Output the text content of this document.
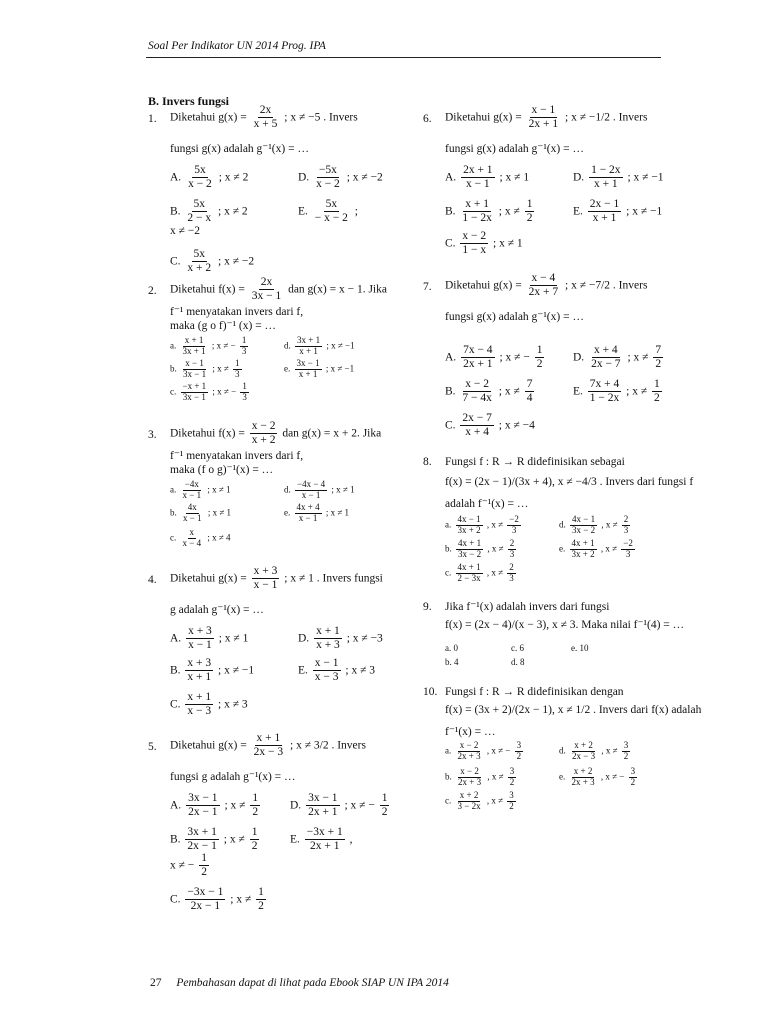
Soal Per Indikator UN 2014 Prog. IPA
B. Invers fungsi
1. Diketahui $g(x) = \frac{2x}{x + 5}$ ; x ≠ −5 . Invers
fungsi g(x) adalah g⁻¹(x) = …
A. $\frac{5x}{x - 2}$ ; x ≠ 2	D. $\frac{-5x}{x - 2}$ ; x ≠ −2
B. $\frac{5x}{2 - x}$ ; x ≠ 2	E. $\frac{5x}{- x - 2}$ ;
x ≠ −2
C. $\frac{5x}{x + 2}$ ; x ≠ −2
2. Diketahui $f(x) = \frac{2x}{3x - 1}$ dan g(x) = x − 1. Jika
f⁻¹ menyatakan invers dari f,
maka (g o f)⁻¹ (x) = …
a. $\frac{x + 1}{3x + 1}$ ; x ≠ − $\frac{1}{3}$	d. $\frac{3x + 1}{x + 1}$ ; x ≠ −1
b. $\frac{x - 1}{3x - 1}$ ; $x \ne \frac{1}{3}$	e. $\frac{3x - 1}{x + 1}$ ; x ≠ −1
c. $\frac{-x + 1}{3x - 1}$ ; x ≠ − $\frac{1}{3}$
3. Diketahui $f(x) = \frac{x - 2}{x + 2}$ dan g(x) = x + 2. Jika
f⁻¹ menyatakan invers dari f,
maka (f o g)⁻¹(x) = …
a. $\frac{-4x}{x - 1}$ ; x ≠ 1	d. $\frac{-4x - 4}{x - 1}$ ; x ≠ 1
b. $\frac{4x}{x - 1}$ ; x ≠ 1	e. $\frac{4x + 4}{x - 1}$ ; x ≠ 1
c. $\frac{x}{x - 4}$ ; x ≠ 4
4. Diketahui $g(x) = \frac{x + 3}{x - 1}$ ; x ≠ 1 . Invers fungsi
g adalah g⁻¹(x) = …
A. $\frac{x + 3}{x - 1}$ ; x ≠ 1	D. $\frac{x + 1}{x + 3}$ ; x ≠ −3
B. $\frac{x + 3}{x + 1}$ ; x ≠ −1	E. $\frac{x - 1}{x - 3}$ ; x ≠ 3
C. $\frac{x + 1}{x - 3}$ ; x ≠ 3
5. Diketahui $g(x) = \frac{x + 1}{2x - 3}$ ; x ≠ 3/2 . Invers
fungsi g adalah g⁻¹(x) = …
A. $\frac{3x - 1}{2x - 1}$ ; $x \ne \frac{1}{2}$	D. $\frac{3x - 1}{2x + 1}$ ; x ≠ − $\frac{1}{2}$
B. $\frac{3x + 1}{2x - 1}$ ; $x \ne \frac{1}{2}$	E. $\frac{-3x + 1}{2x + 1}$ ,
x ≠ − $\frac{1}{2}$
C. $\frac{-3x - 1}{2x - 1}$ ; $x \ne \frac{1}{2}$
6. Diketahui $g(x) = \frac{x - 1}{2x + 1}$ ; x ≠ −1/2 . Invers
fungsi g(x) adalah g⁻¹(x) = …
A. $\frac{2x + 1}{x - 1}$ ; x ≠ 1	D. $\frac{1 - 2x}{x + 1}$ ; x ≠ −1
B. $\frac{x + 1}{1 - 2x}$ ; $x \ne \frac{1}{2}$	E. $\frac{2x - 1}{x + 1}$ ; x ≠ −1
C. $\frac{x - 2}{1 - x}$ ; x ≠ 1
7. Diketahui $g(x) = \frac{x - 4}{2x + 7}$ ; x ≠ −7/2 . Invers
fungsi g(x) adalah g⁻¹(x) = …
A. $\frac{7x - 4}{2x + 1}$ ; x ≠ − $\frac{1}{2} D$. $\frac{x + 4}{2x - 7}$ ; $x \ne \frac{7}{2}$
B. $\frac{x - 2}{7 - 4x}$ ; $x \ne \frac{7}{4}$	E. $\frac{7x + 4}{1 - 2x}$ ; $x \ne \frac{1}{2}$
C. $\frac{2x - 7}{x + 4}$ ; x ≠ −4
8. Fungsi f : R → R didefinisikan sebagai
f(x) = (2x − 1)/(3x + 4), x ≠ −4/3 . Invers dari fungsi f
adalah f⁻¹(x) = …
a. $\frac{4x - 1}{3x + 2}$ , $x \ne \frac{-2}{3}$	d. $\frac{4x - 1}{3x - 2}$ , $x \ne \frac{2}{3}$
b. $\frac{4x + 1}{3x - 2}$ , $x \ne \frac{2}{3}$	e. $\frac{4x + 1}{3x + 2}$ , $x \ne \frac{-2}{3}$
c. $\frac{4x + 1}{2 - 3x}$ , $x \ne \frac{2}{3}$
9. Jika f⁻¹(x) adalah invers dari fungsi
f(x) = (2x − 4)/(x − 3), x ≠ 3. Maka nilai f⁻¹(4) = …
a. 0	c. 6	e. 10
b. 4	d. 8
10. Fungsi f : R → R didefinisikan dengan
f(x) = (3x + 2)/(2x − 1), x ≠ 1/2 . Invers dari f(x) adalah
f⁻¹(x) = …
a. $\frac{x - 2}{2x + 3}$ , x ≠ − $\frac{3}{2}$	d. $\frac{x + 2}{2x - 3}$ , $x \ne \frac{3}{2}$
b. $\frac{x - 2}{2x + 3}$ , $x \ne \frac{3}{2}$	e. $\frac{x + 2}{2x + 3}$ , x ≠ − $\frac{3}{2}$
c. $\frac{x + 2}{3 - 2x}$ , $x \ne \frac{3}{2}$
27 Pembahasan dapat di lihat pada Ebook SIAP UN IPA 2014
